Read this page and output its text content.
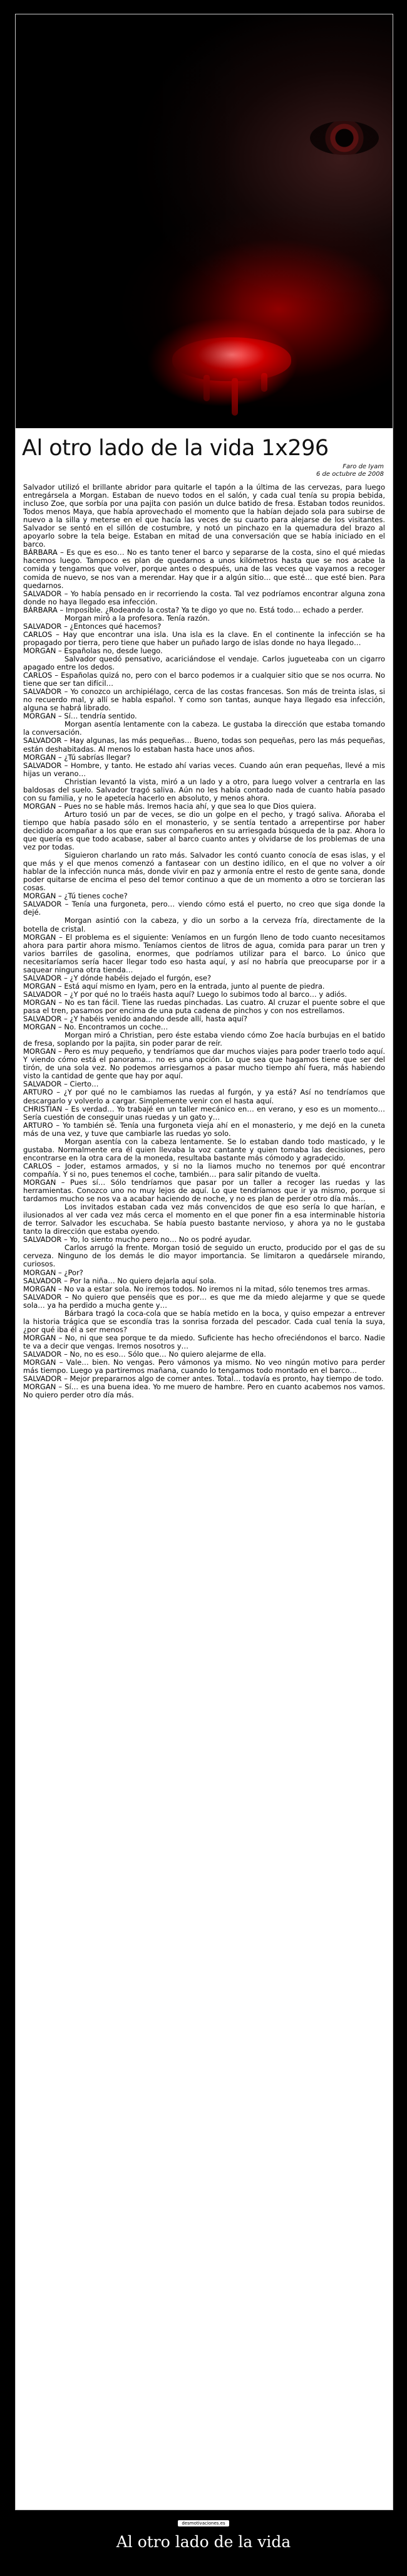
Al otro lado de la vida 1x296
Faro de Iyam
6 de octubre de 2008

Salvador utilizó el brillante abridor para quitarle el tapón a la última de las cervezas, para luego entregársela a Morgan. Estaban de nuevo todos en el salón, y cada cual tenía su propia bebida, incluso Zoe, que sorbía por una pajita con pasión un dulce batido de fresa. Estaban todos reunidos. Todos menos Maya, que había aprovechado el momento que la habían dejado sola para subirse de nuevo a la silla y meterse en el que hacía las veces de su cuarto para alejarse de los visitantes. Salvador se sentó en el sillón de costumbre, y notó un pinchazo en la quemadura del brazo al apoyarlo sobre la tela beige. Estaban en mitad de una conversación que se había iniciado en el barco.

BÁRBARA – Es que es eso… No es tanto tener el barco y separarse de la costa, sino el qué miedas hacemos luego. Tampoco es plan de quedarnos a unos kilómetros hasta que se nos acabe la comida y tengamos que volver, porque antes o después, una de las veces que vayamos a recoger comida de nuevo, se nos van a merendar. Hay que ir a algún sitio… que esté… que esté bien. Para quedarnos.

SALVADOR – Yo había pensado en ir recorriendo la costa. Tal vez podríamos encontrar alguna zona donde no haya llegado esa infección.

BÁRBARA – Imposible. ¿Rodeando la costa? Ya te digo yo que no. Está todo… echado a perder.

Morgan miró a la profesora. Tenía razón.

SALVADOR – ¿Entonces qué hacemos?

CARLOS – Hay que encontrar una isla. Una isla es la clave. En el continente la infección se ha propagado por tierra, pero tiene que haber un puñado largo de islas donde no haya llegado…

MORGAN – Españolas no, desde luego.

Salvador quedó pensativo, acariciándose el vendaje. Carlos jugueteaba con un cigarro apagado entre los dedos.

CARLOS – Españolas quizá no, pero con el barco podemos ir a cualquier sitio que se nos ocurra. No tiene que ser tan difícil…

SALVADOR – Yo conozco un archipiélago, cerca de las costas francesas. Son más de treinta islas, si no recuerdo mal, y allí se habla español. Y como son tantas, aunque haya llegado esa infección, alguna se habrá librado.

MORGAN – Sí… tendría sentido.

Morgan asentía lentamente con la cabeza. Le gustaba la dirección que estaba tomando la conversación.

SALVADOR – Hay algunas, las más pequeñas… Bueno, todas son pequeñas, pero las más pequeñas, están deshabitadas. Al menos lo estaban hasta hace unos años.

MORGAN – ¿Tú sabrías llegar?

SALVADOR – Hombre, y tanto. He estado ahí varias veces. Cuando aún eran pequeñas, llevé a mis hijas un verano…

Christian levantó la vista, miró a un lado y a otro, para luego volver a centrarla en las baldosas del suelo. Salvador tragó saliva. Aún no les había contado nada de cuanto había pasado con su familia, y no le apetecía hacerlo en absoluto, y menos ahora.

MORGAN – Pues no se hable más. Iremos hacia ahí, y que sea lo que Dios quiera.

Arturo tosió un par de veces, se dio un golpe en el pecho, y tragó saliva. Añoraba el tiempo que había pasado sólo en el monasterio, y se sentía tentado a arrepentirse por haber decidido acompañar a los que eran sus compañeros en su arriesgada búsqueda de la paz. Ahora lo que quería es que todo acabase, saber al barco cuanto antes y olvidarse de los problemas de una vez por todas.

Siguieron charlando un rato más. Salvador les contó cuanto conocía de esas islas, y el que más y el que menos comenzó a fantasear con un destino idílico, en el que no volver a oír hablar de la infección nunca más, donde vivir en paz y armonía entre el resto de gente sana, donde poder quitarse de encima el peso del temor continuo a que de un momento a otro se torcieran las cosas.

MORGAN – ¿Tú tienes coche?

SALVADOR – Tenía una furgoneta, pero… viendo cómo está el puerto, no creo que siga donde la dejé.

Morgan asintió con la cabeza, y dio un sorbo a la cerveza fría, directamente de la botella de cristal.

MORGAN – El problema es el siguiente: Veníamos en un furgón lleno de todo cuanto necesitamos ahora para partir ahora mismo. Teníamos cientos de litros de agua, comida para parar un tren y varios barriles de gasolina, enormes, que podríamos utilizar para el barco. Lo único que necesitaríamos sería hacer llegar todo eso hasta aquí, y así no habría que preocuparse por ir a saquear ninguna otra tienda…

SALVADOR – ¿Y dónde habéis dejado el furgón, ese?

MORGAN – Está aquí mismo en Iyam, pero en la entrada, junto al puente de piedra.

SALVADOR – ¿Y por qué no lo traéis hasta aquí? Luego lo subimos todo al barco… y adiós.

MORGAN – No es tan fácil. Tiene las ruedas pinchadas. Las cuatro. Al cruzar el puente sobre el que pasa el tren, pasamos por encima de una puta cadena de pinchos y con nos estrellamos.

SALVADOR – ¿Y habéis venido andando desde allí, hasta aquí?

MORGAN – No. Encontramos un coche…

Morgan miró a Christian, pero éste estaba viendo cómo Zoe hacía burbujas en el batido de fresa, soplando por la pajita, sin poder parar de reír.

MORGAN – Pero es muy pequeño, y tendríamos que dar muchos viajes para poder traerlo todo aquí. Y viendo cómo está el panorama… no es una opción. Lo que sea que hagamos tiene que ser del tirón, de una sola vez. No podemos arriesgarnos a pasar mucho tiempo ahí fuera, más habiendo visto la cantidad de gente que hay por aquí.

SALVADOR – Cierto…

ARTURO – ¿Y por qué no le cambiamos las ruedas al furgón, y ya está? Así no tendríamos que descargarlo y volverlo a cargar. Simplemente venir con el hasta aquí.

CHRISTIAN – Es verdad… Yo trabajé en un taller mecánico en… en verano, y eso es un momento… Sería cuestión de conseguir unas ruedas y un gato y…

ARTURO – Yo también sé. Tenía una furgoneta vieja ahí en el monasterio, y me dejó en la cuneta más de una vez, y tuve que cambiarle las ruedas yo solo.

Morgan asentía con la cabeza lentamente. Se lo estaban dando todo masticado, y le gustaba. Normalmente era él quien llevaba la voz cantante y quien tomaba las decisiones, pero encontrarse en la otra cara de la moneda, resultaba bastante más cómodo y agradecido.

CARLOS – Joder, estamos armados, y si no la liamos mucho no tenemos por qué encontrar compañía. Y si no, pues tenemos el coche, también… para salir pitando de vuelta.

MORGAN – Pues sí… Sólo tendríamos que pasar por un taller a recoger las ruedas y las herramientas. Conozco uno no muy lejos de aquí. Lo que tendríamos que ir ya mismo, porque si tardamos mucho se nos va a acabar haciendo de noche, y no es plan de perder otro día más…

Los invitados estaban cada vez más convencidos de que eso sería lo que harían, e ilusionados al ver cada vez más cerca el momento en el que poner fin a esa interminable historia de terror. Salvador les escuchaba. Se había puesto bastante nervioso, y ahora ya no le gustaba tanto la dirección que estaba oyendo.

SALVADOR – Yo, lo siento mucho pero no… No os podré ayudar.

Carlos arrugó la frente. Morgan tosió de seguido un eructo, producido por el gas de su cerveza. Ninguno de los demás le dio mayor importancia. Se limitaron a quedársele mirando, curiosos.

MORGAN – ¿Por?

SALVADOR – Por la niña… No quiero dejarla aquí sola.

MORGAN – No va a estar sola. No iremos todos. No iremos ni la mitad, sólo tenemos tres armas.

SALVADOR – No quiero que penséis que es por… es que me da miedo alejarme y que se quede sola… ya ha perdido a mucha gente y…

Bárbara tragó la coca-cola que se había metido en la boca, y quiso empezar a entrever la historia trágica que se escondía tras la sonrisa forzada del pescador. Cada cual tenía la suya, ¿por qué iba él a ser menos?

MORGAN – No, ni que sea porque te da miedo. Suficiente has hecho ofreciéndonos el barco. Nadie te va a decir que vengas. Iremos nosotros y…

SALVADOR – No, no es eso… Sólo que… No quiero alejarme de ella.

MORGAN – Vale… bien. No vengas. Pero vámonos ya mismo. No veo ningún motivo para perder más tiempo. Luego ya partiremos mañana, cuando lo tengamos todo montado en el barco…

SALVADOR – Mejor prepararnos algo de comer antes. Total… todavía es pronto, hay tiempo de todo.

MORGAN – Sí… es una buena idea. Yo me muero de hambre. Pero en cuanto acabemos nos vamos. No quiero perder otro día más.

desmotivaciones.es
Al otro lado de la vida
